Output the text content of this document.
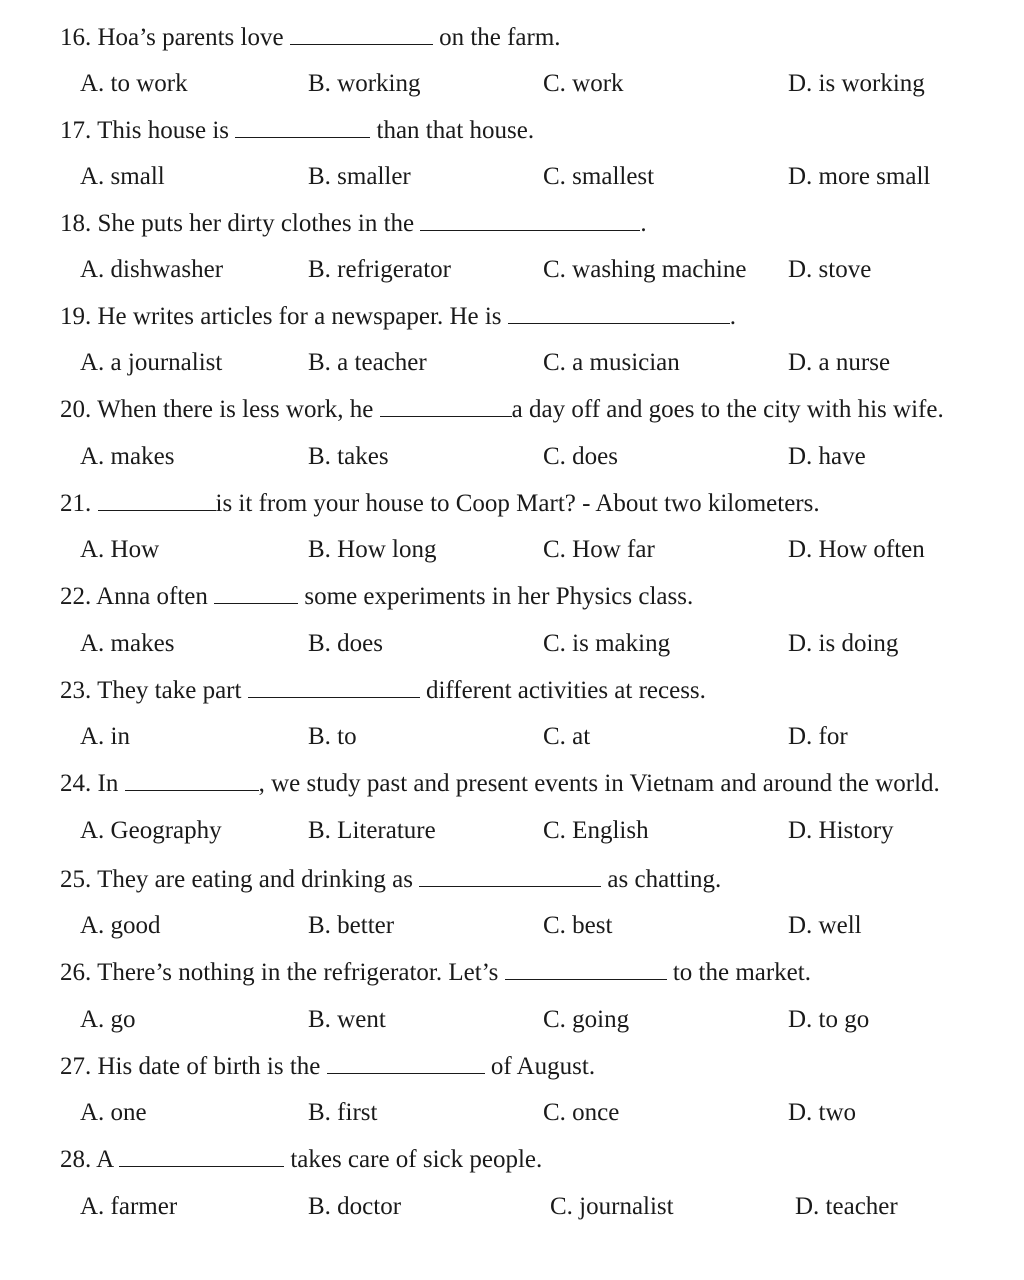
16. Hoa’s parents love	on the farm.
A. to work	B. working	C. work	D. is working
17. This house is	than that house.
A. small	B. smaller	C. smallest	D. more small
18. She puts her dirty clothes in the	.
A. dishwasher	B. refrigerator	C. washing machine D. stove
19. He writes articles for a newspaper. He is	.
A. a journalist	B. a teacher	C. a musician	D. a nurse
20. When there is less work, he	a day off and goes to the city with his wife.
A. makes	B. takes	C. does	D. have
21.	is it from your house to Coop Mart? - About two kilometers.
A. How	B. How long	C. How far	D. How often
22. Anna often	some experiments in her Physics class.
A. makes	B. does	C. is making	D. is doing
23. They take part	different activities at recess.
A. in	B. to	C. at	D. for
24. In	, we study past and present events in Vietnam and around the world.
A. Geography	B. Literature	C. English	D. History
25. They are eating and drinking as	as chatting.
A. good	B. better	C. best	D. well
26. There’s nothing in the refrigerator. Let’s	to the market.
A. go	B. went	C. going	D. to go
27. His date of birth is the	of August.
A. one	B. first	C. once	D. two
28. A	takes care of sick people.
A. farmer	B. doctor	C. journalist	D. teacher
